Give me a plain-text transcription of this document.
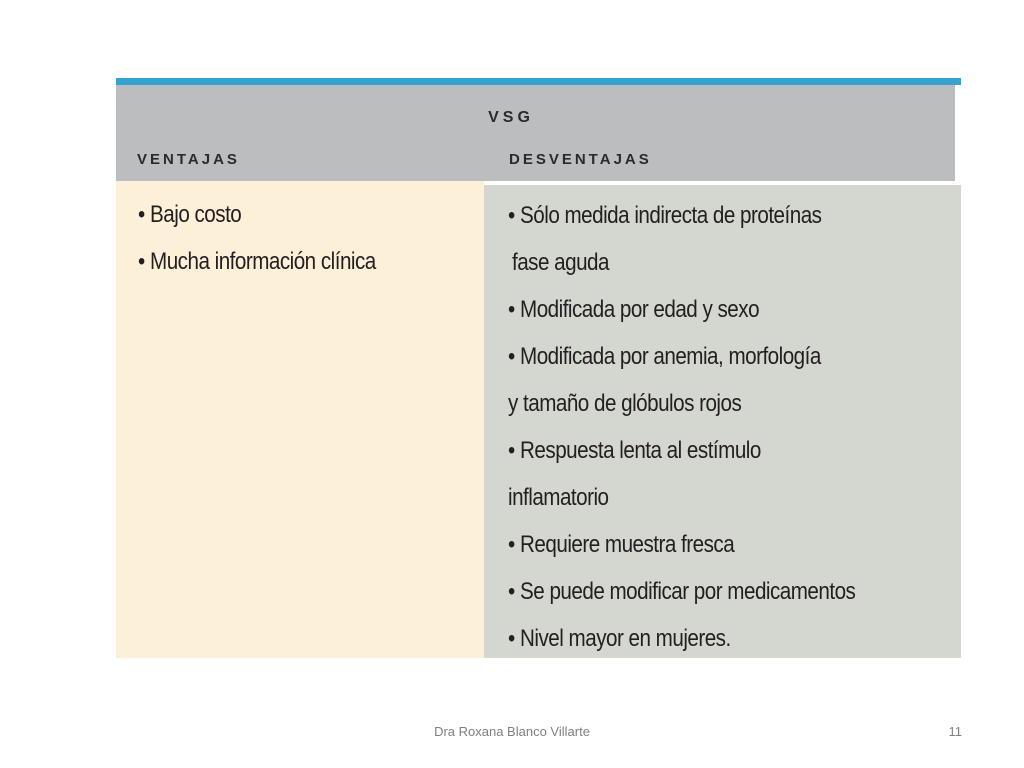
VSG
VENTAJAS	DESVENTAJAS
• Bajo costo
• Mucha información clínica
• Sólo medida indirecta de proteínas
fase aguda
• Modificada por edad y sexo
• Modificada por anemia, morfología
y tamaño de glóbulos rojos
• Respuesta lenta al estímulo
inflamatorio
• Requiere muestra fresca
• Se puede modificar por medicamentos
• Nivel mayor en mujeres.
Dra Roxana Blanco Villarte	11
